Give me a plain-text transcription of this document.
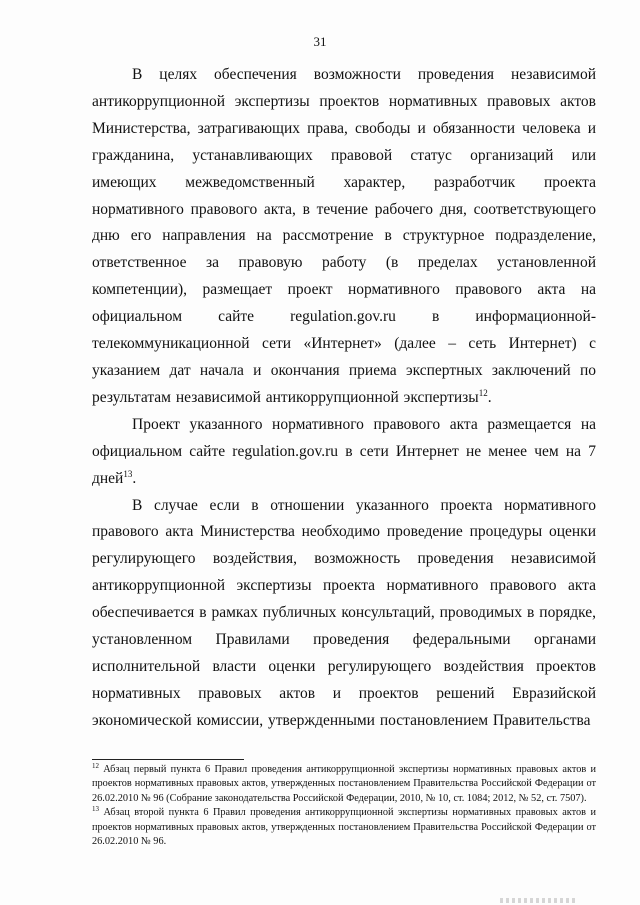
31

В целях обеспечения возможности проведения независимой антикоррупционной экспертизы проектов нормативных правовых актов Министерства, затрагивающих права, свободы и обязанности человека и гражданина, устанавливающих правовой статус организаций или имеющих межведомственный характер, разработчик проекта нормативного правового акта, в течение рабочего дня, соответствующего дню его направления на рассмотрение в структурное подразделение, ответственное за правовую работу (в пределах установленной компетенции), размещает проект нормативного правового акта на официальном сайте regulation.gov.ru в информационной-телекоммуникационной сети «Интернет» (далее – сеть Интернет) с указанием дат начала и окончания приема экспертных заключений по результатам независимой антикоррупционной экспертизы$^{12}$.

Проект указанного нормативного правового акта размещается на официальном сайте regulation.gov.ru в сети Интернет не менее чем на 7 дней$^{13}$.

В случае если в отношении указанного проекта нормативного правового акта Министерства необходимо проведение процедуры оценки регулирующего воздействия, возможность проведения независимой антикоррупционной экспертизы проекта нормативного правового акта обеспечивается в рамках публичных консультаций, проводимых в порядке, установленном Правилами проведения федеральными органами исполнительной власти оценки регулирующего воздействия проектов нормативных правовых актов и проектов решений Евразийской экономической комиссии, утвержденными постановлением Правительства

$^{12}$ Абзац первый пункта 6 Правил проведения антикоррупционной экспертизы нормативных правовых актов и проектов нормативных правовых актов, утвержденных постановлением Правительства Российской Федерации от 26.02.2010 № 96 (Собрание законодательства Российской Федерации, 2010, № 10, ст. 1084; 2012, № 52, ст. 7507).

$^{13}$ Абзац второй пункта 6 Правил проведения антикоррупционной экспертизы нормативных правовых актов и проектов нормативных правовых актов, утвержденных постановлением Правительства Российской Федерации от 26.02.2010 № 96.
